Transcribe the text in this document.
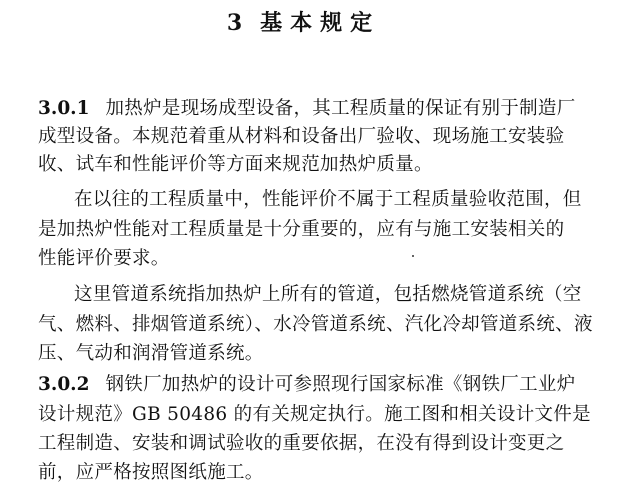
3 基本规定
3.0.1 加热炉是现场成型设备，其工程质量的保证有别于制造厂
成型设备。本规范着重从材料和设备出厂验收、现场施工安装验
收、试车和性能评价等方面来规范加热炉质量。
在以往的工程质量中，性能评价不属于工程质量验收范围，但
是加热炉性能对工程质量是十分重要的，应有与施工安装相关的
性能评价要求。
这里管道系统指加热炉上所有的管道，包括燃烧管道系统（空
气、燃料、排烟管道系统）、水冷管道系统、汽化冷却管道系统、液
压、气动和润滑管道系统。
3.0.2 钢铁厂加热炉的设计可参照现行国家标准《钢铁厂工业炉
设计规范》GB 50486 的有关规定执行。施工图和相关设计文件是
工程制造、安装和调试验收的重要依据，在没有得到设计变更之
前，应严格按照图纸施工。
